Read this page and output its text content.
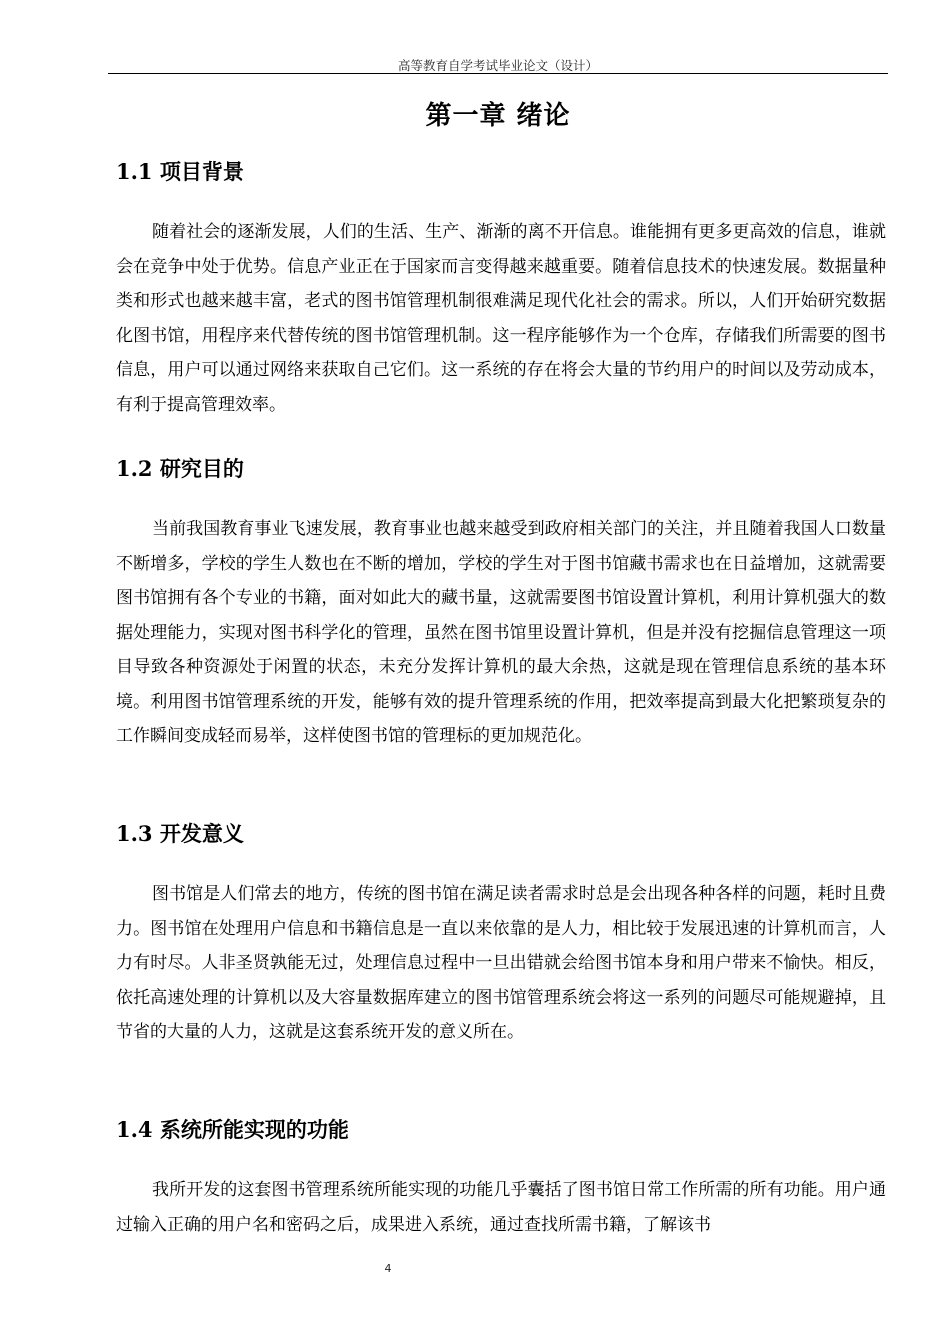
高等教育自学考试毕业论文（设计）
第一章 绪论
1.1 项目背景

随着社会的逐渐发展，人们的生活、生产、渐渐的离不开信息。谁能拥有更多更高效的信息，谁就会在竞争中处于优势。信息产业正在于国家而言变得越来越重要。随着信息技术的快速发展。数据量种类和形式也越来越丰富，老式的图书馆管理机制很难满足现代化社会的需求。所以，人们开始研究数据化图书馆，用程序来代替传统的图书馆管理机制。这一程序能够作为一个仓库，存储我们所需要的图书信息，用户可以通过网络来获取自己它们。这一系统的存在将会大量的节约用户的时间以及劳动成本，有利于提高管理效率。

1.2 研究目的

当前我国教育事业飞速发展，教育事业也越来越受到政府相关部门的关注，并且随着我国人口数量不断增多，学校的学生人数也在不断的增加，学校的学生对于图书馆藏书需求也在日益增加，这就需要图书馆拥有各个专业的书籍，面对如此大的藏书量，这就需要图书馆设置计算机，利用计算机强大的数据处理能力，实现对图书科学化的管理，虽然在图书馆里设置计算机，但是并没有挖掘信息管理这一项目导致各种资源处于闲置的状态，未充分发挥计算机的最大余热，这就是现在管理信息系统的基本环境。利用图书馆管理系统的开发，能够有效的提升管理系统的作用，把效率提高到最大化把繁琐复杂的工作瞬间变成轻而易举，这样使图书馆的管理标的更加规范化。

1.3 开发意义

图书馆是人们常去的地方，传统的图书馆在满足读者需求时总是会出现各种各样的问题，耗时且费力。图书馆在处理用户信息和书籍信息是一直以来依靠的是人力，相比较于发展迅速的计算机而言，人力有时尽。人非圣贤孰能无过，处理信息过程中一旦出错就会给图书馆本身和用户带来不愉快。相反，依托高速处理的计算机以及大容量数据库建立的图书馆管理系统会将这一系列的问题尽可能规避掉，且节省的大量的人力，这就是这套系统开发的意义所在。

1.4 系统所能实现的功能

我所开发的这套图书管理系统所能实现的功能几乎囊括了图书馆日常工作所需的所有功能。用户通过输入正确的用户名和密码之后，成果进入系统，通过查找所需书籍，了解该书

4
